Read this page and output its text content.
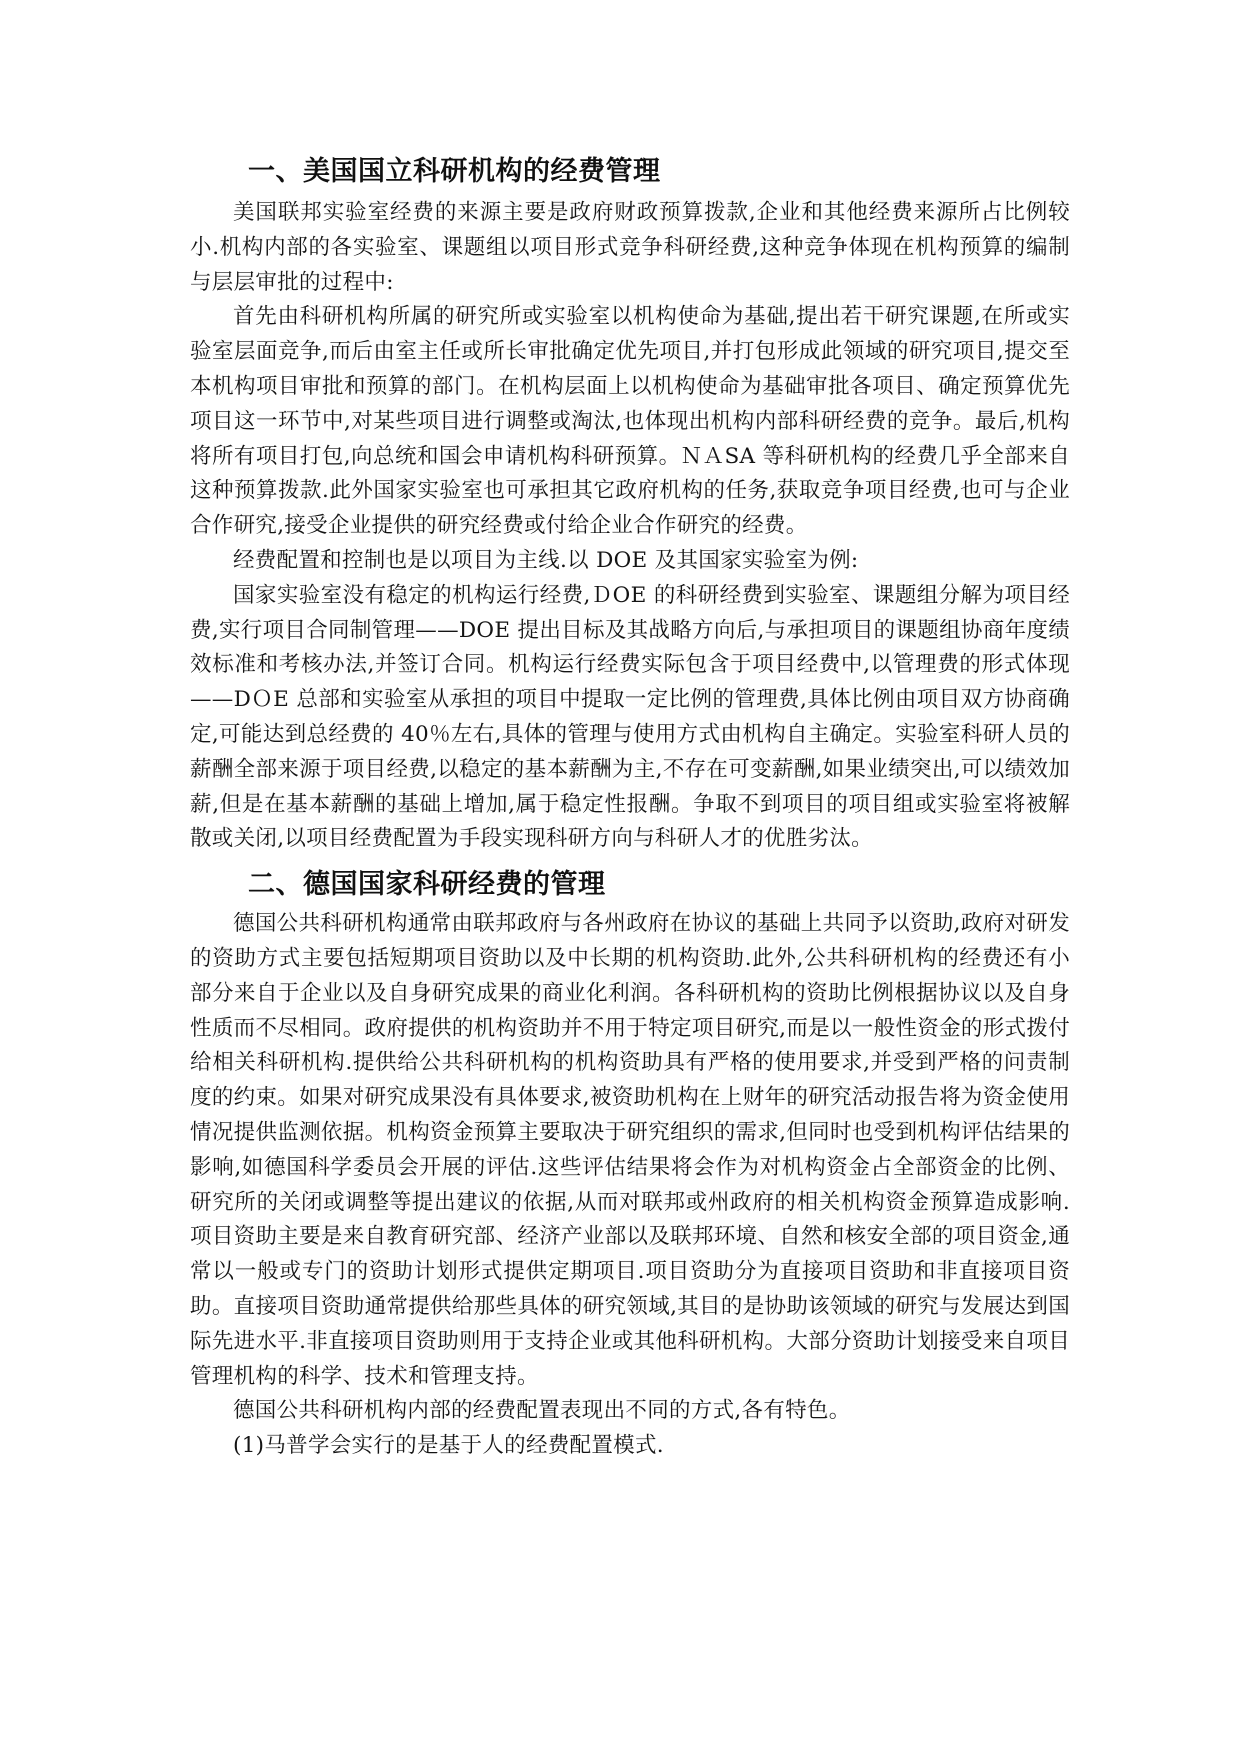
一、美国国立科研机构的经费管理

美国联邦实验室经费的来源主要是政府财政预算拨款,企业和其他经费来源所占比例较小.机构内部的各实验室、课题组以项目形式竞争科研经费,这种竞争体现在机构预算的编制与层层审批的过程中:

首先由科研机构所属的研究所或实验室以机构使命为基础,提出若干研究课题,在所或实验室层面竞争,而后由室主任或所长审批确定优先项目,并打包形成此领域的研究项目,提交至本机构项目审批和预算的部门。在机构层面上以机构使命为基础审批各项目、确定预算优先项目这一环节中,对某些项目进行调整或淘汰,也体现出机构内部科研经费的竞争。最后,机构将所有项目打包,向总统和国会申请机构科研预算。ＮＡSA 等科研机构的经费几乎全部来自这种预算拨款.此外国家实验室也可承担其它政府机构的任务,获取竞争项目经费,也可与企业合作研究,接受企业提供的研究经费或付给企业合作研究的经费。

经费配置和控制也是以项目为主线.以 DOE 及其国家实验室为例:

国家实验室没有稳定的机构运行经费,ＤOE 的科研经费到实验室、课题组分解为项目经费,实行项目合同制管理——DOE 提出目标及其战略方向后,与承担项目的课题组协商年度绩效标准和考核办法,并签订合同。机构运行经费实际包含于项目经费中,以管理费的形式体现——DＯE 总部和实验室从承担的项目中提取一定比例的管理费,具体比例由项目双方协商确定,可能达到总经费的 40％左右,具体的管理与使用方式由机构自主确定。实验室科研人员的薪酬全部来源于项目经费,以稳定的基本薪酬为主,不存在可变薪酬,如果业绩突出,可以绩效加薪,但是在基本薪酬的基础上增加,属于稳定性报酬。争取不到项目的项目组或实验室将被解散或关闭,以项目经费配置为手段实现科研方向与科研人才的优胜劣汰。

二、德国国家科研经费的管理

德国公共科研机构通常由联邦政府与各州政府在协议的基础上共同予以资助,政府对研发的资助方式主要包括短期项目资助以及中长期的机构资助.此外,公共科研机构的经费还有小部分来自于企业以及自身研究成果的商业化利润。各科研机构的资助比例根据协议以及自身性质而不尽相同。政府提供的机构资助并不用于特定项目研究,而是以一般性资金的形式拨付给相关科研机构.提供给公共科研机构的机构资助具有严格的使用要求,并受到严格的问责制度的约束。如果对研究成果没有具体要求,被资助机构在上财年的研究活动报告将为资金使用情况提供监测依据。机构资金预算主要取决于研究组织的需求,但同时也受到机构评估结果的影响,如德国科学委员会开展的评估.这些评估结果将会作为对机构资金占全部资金的比例、研究所的关闭或调整等提出建议的依据,从而对联邦或州政府的相关机构资金预算造成影响.项目资助主要是来自教育研究部、经济产业部以及联邦环境、自然和核安全部的项目资金,通常以一般或专门的资助计划形式提供定期项目.项目资助分为直接项目资助和非直接项目资助。直接项目资助通常提供给那些具体的研究领域,其目的是协助该领域的研究与发展达到国际先进水平.非直接项目资助则用于支持企业或其他科研机构。大部分资助计划接受来自项目管理机构的科学、技术和管理支持。

德国公共科研机构内部的经费配置表现出不同的方式,各有特色。

(1)马普学会实行的是基于人的经费配置模式.
